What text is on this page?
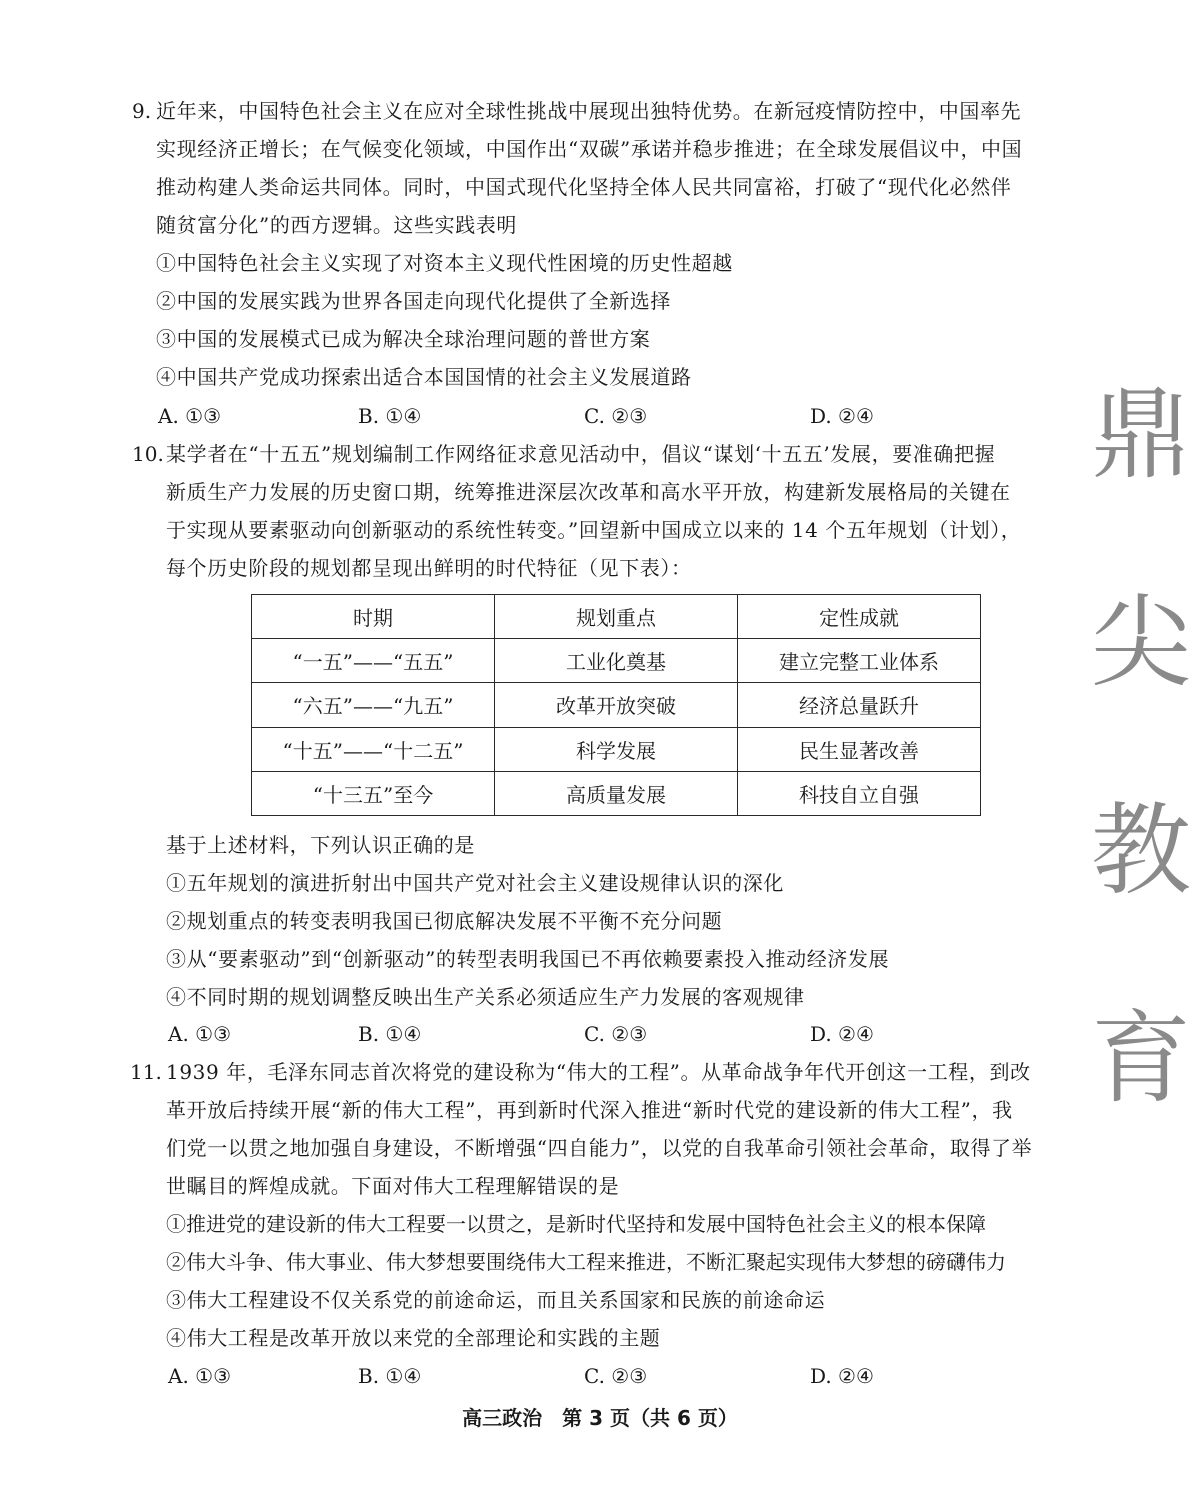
9. 近年来，中国特色社会主义在应对全球性挑战中展现出独特优势。在新冠疫情防控中，中国率先
实现经济正增长；在气候变化领域，中国作出“双碳”承诺并稳步推进；在全球发展倡议中，中国
推动构建人类命运共同体。同时，中国式现代化坚持全体人民共同富裕，打破了“现代化必然伴
随贫富分化”的西方逻辑。这些实践表明
①中国特色社会主义实现了对资本主义现代性困境的历史性超越
②中国的发展实践为世界各国走向现代化提供了全新选择
③中国的发展模式已成为解决全球治理问题的普世方案
④中国共产党成功探索出适合本国国情的社会主义发展道路
A. ①③	B. ①④	C. ②③	D. ②④
10. 某学者在“十五五”规划编制工作网络征求意见活动中，倡议“谋划‘十五五’发展，要准确把握
新质生产力发展的历史窗口期，统筹推进深层次改革和高水平开放，构建新发展格局的关键在
于实现从要素驱动向创新驱动的系统性转变。”回望新中国成立以来的 14 个五年规划（计划），
每个历史阶段的规划都呈现出鲜明的时代特征（见下表）：
时期	规划重点	定性成就
“一五”——“五五”	工业化奠基	建立完整工业体系
“六五”——“九五”	改革开放突破	经济总量跃升
“十五”——“十二五”	科学发展	民生显著改善
“十三五”至今	高质量发展	科技自立自强
基于上述材料，下列认识正确的是
①五年规划的演进折射出中国共产党对社会主义建设规律认识的深化
②规划重点的转变表明我国已彻底解决发展不平衡不充分问题
③从“要素驱动”到“创新驱动”的转型表明我国已不再依赖要素投入推动经济发展
④不同时期的规划调整反映出生产关系必须适应生产力发展的客观规律
A. ①③	B. ①④	C. ②③	D. ②④
11. 1939 年，毛泽东同志首次将党的建设称为“伟大的工程”。从革命战争年代开创这一工程，到改
革开放后持续开展“新的伟大工程”，再到新时代深入推进“新时代党的建设新的伟大工程”，我
们党一以贯之地加强自身建设，不断增强“四自能力”，以党的自我革命引领社会革命，取得了举
世瞩目的辉煌成就。下面对伟大工程理解错误的是
①推进党的建设新的伟大工程要一以贯之，是新时代坚持和发展中国特色社会主义的根本保障
②伟大斗争、伟大事业、伟大梦想要围绕伟大工程来推进，不断汇聚起实现伟大梦想的磅礴伟力
③伟大工程建设不仅关系党的前途命运，而且关系国家和民族的前途命运
④伟大工程是改革开放以来党的全部理论和实践的主题
A. ①③	B. ①④	C. ②③	D. ②④
鼎
尖
教
育
高三政治　第 3 页（共 6 页）
